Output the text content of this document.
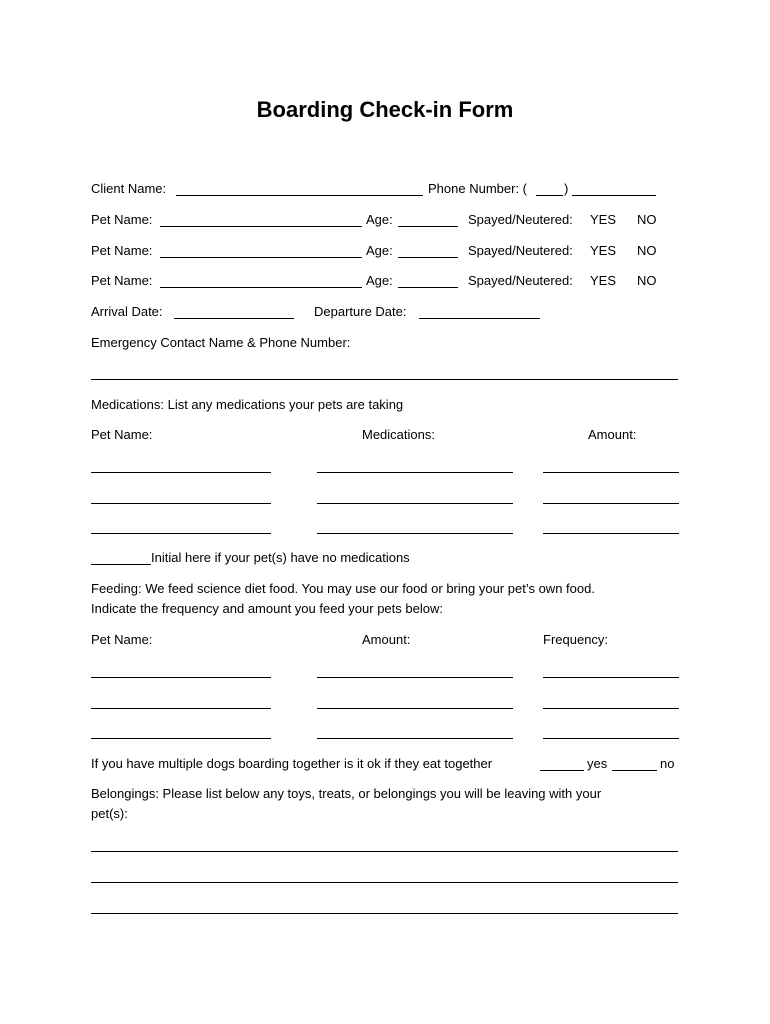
Boarding Check-in Form
Client Name:	Phone Number: (	)
Pet Name:	Age:	Spayed/Neutered: YES NO
Pet Name:	Age:	Spayed/Neutered: YES NO
Pet Name:	Age:	Spayed/Neutered: YES NO
Arrival Date:	Departure Date:
Emergency Contact Name & Phone Number:
Medications: List any medications your pets are taking
Pet Name:	Medications:	Amount:
Initial here if your pet(s) have no medications
Feeding: We feed science diet food. You may use our food or bring your pet’s own food.
Indicate the frequency and amount you feed your pets below:
Pet Name:	Amount:	Frequency:
If you have multiple dogs boarding together is it ok if they eat together	yes	no
Belongings: Please list below any toys, treats, or belongings you will be leaving with your
pet(s):
